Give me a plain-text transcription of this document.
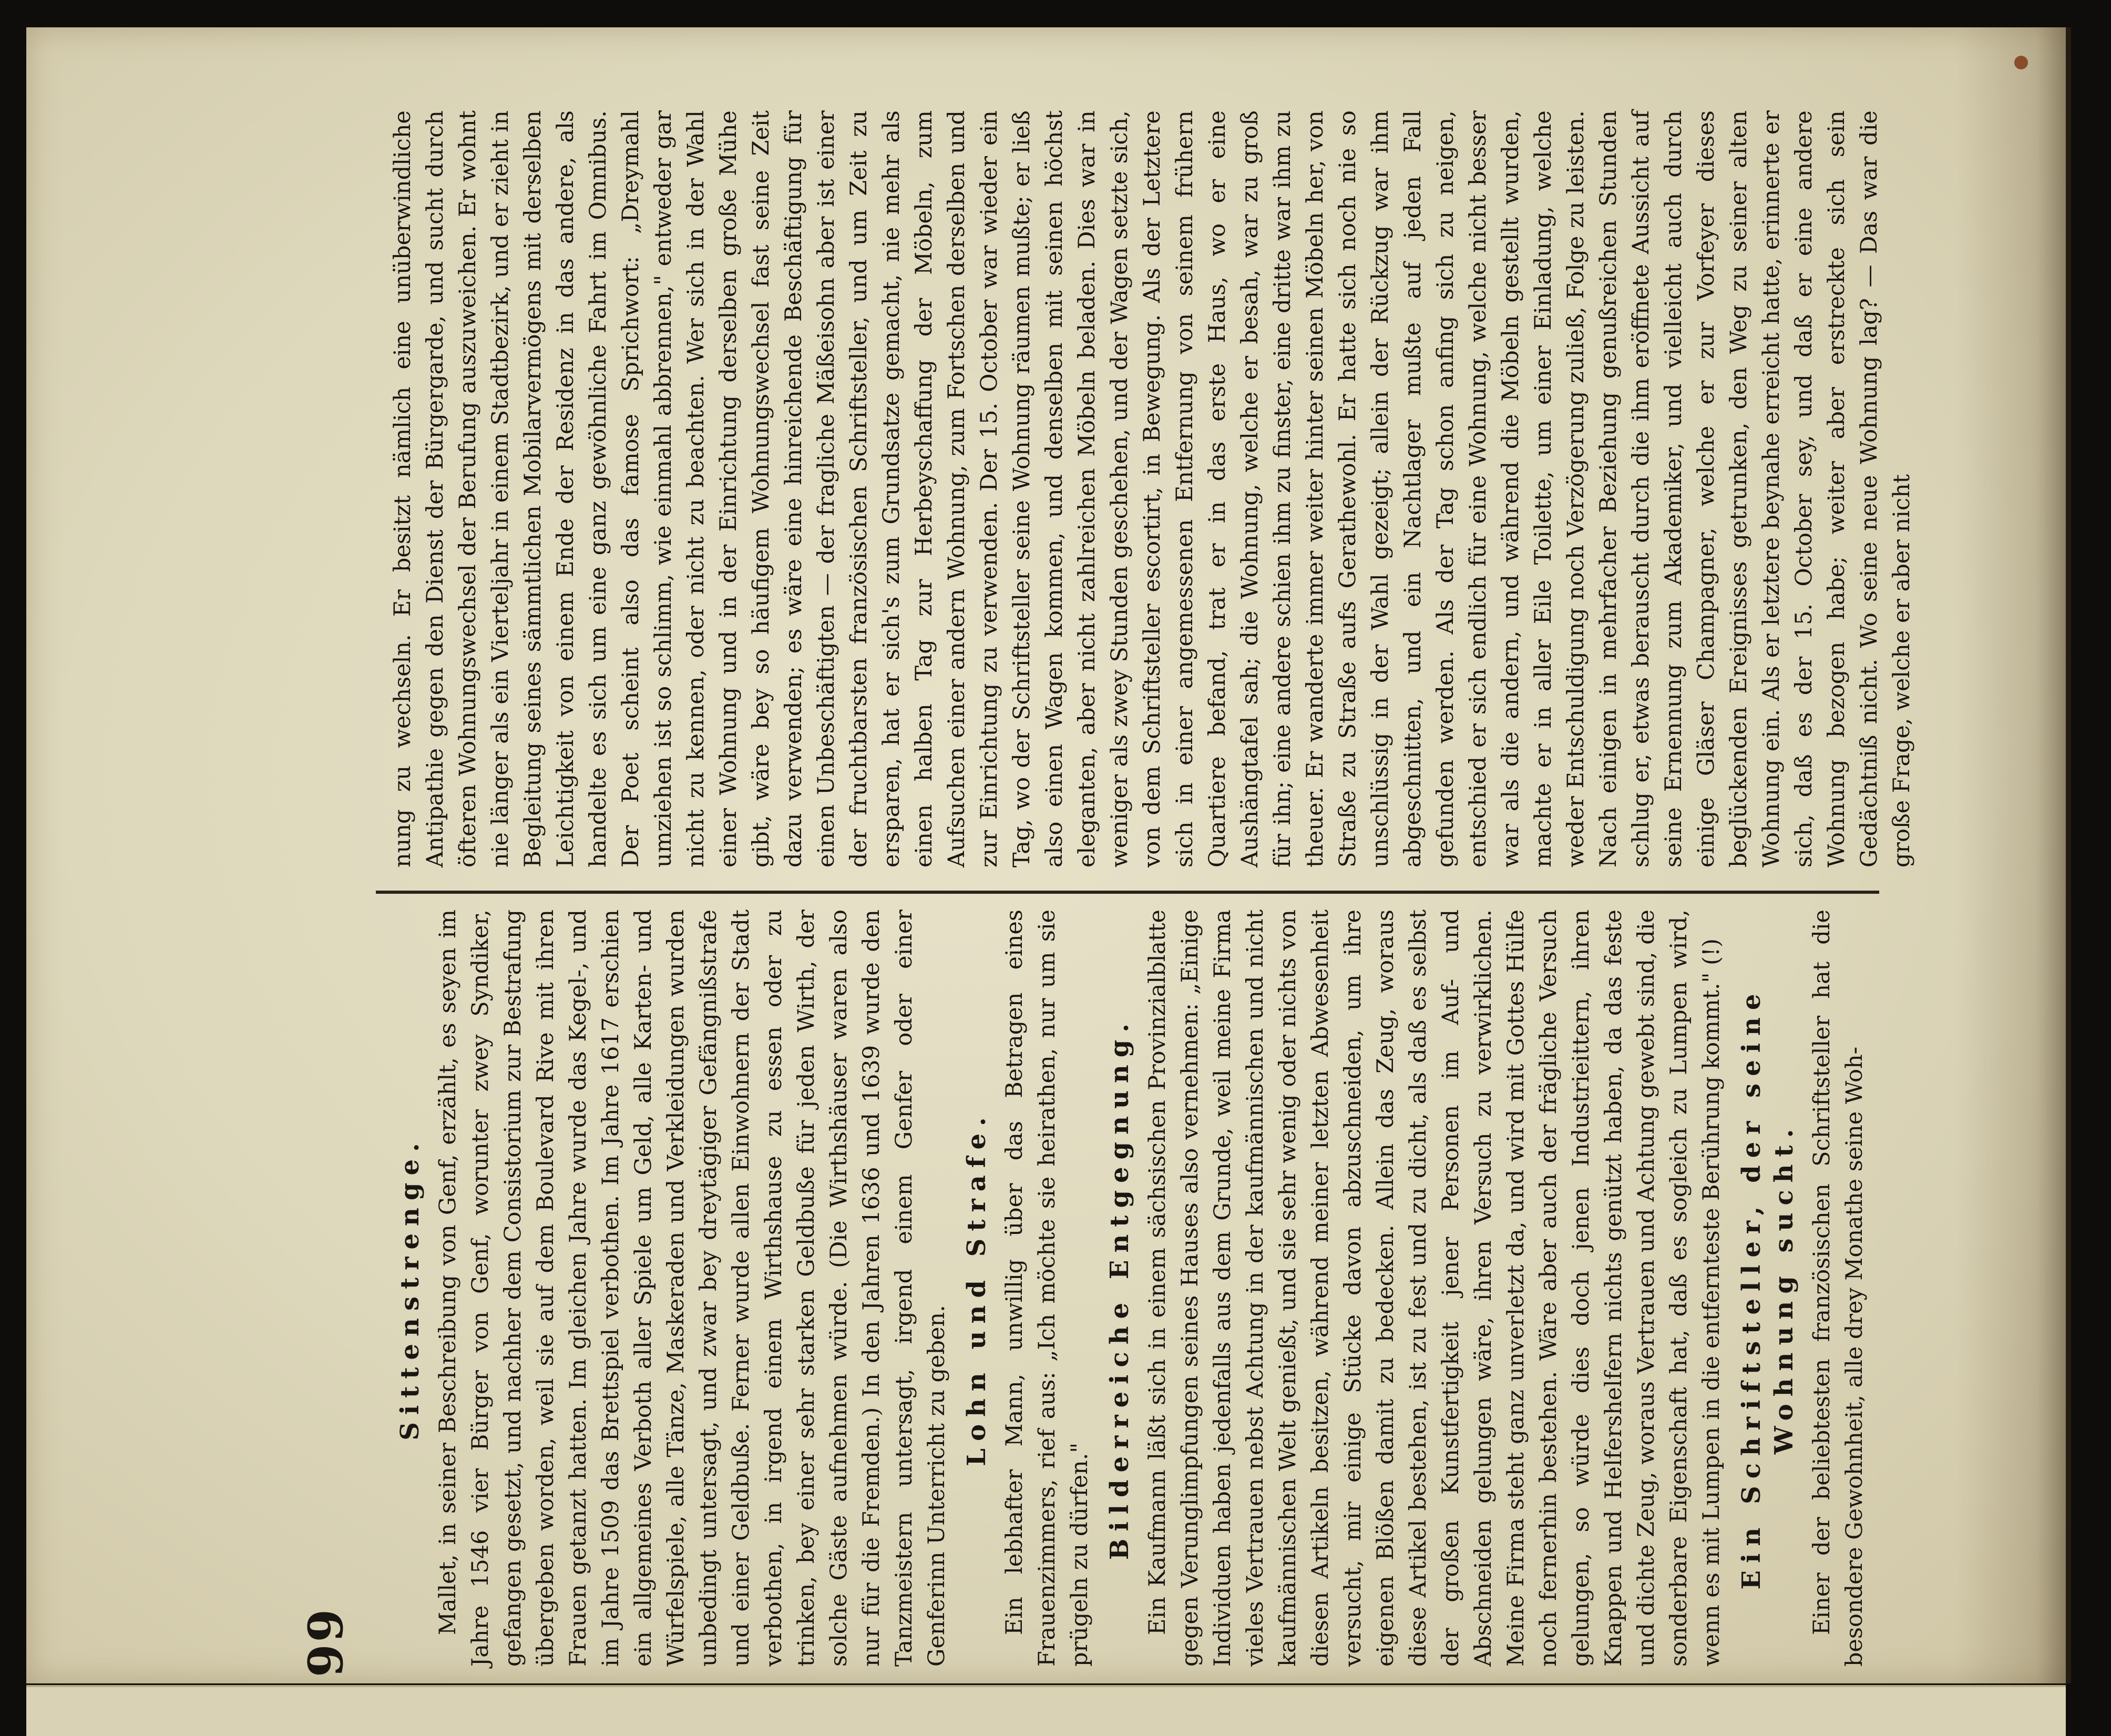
99
Sittenstrenge. Mallet, in seiner Beschreibung von Genf, erzählt, es seyen im Jahre 1546 vier Bürger von Genf, worunter zwey Syndiker, gefangen gesetzt, und nachher dem Consistorium zur Bestrafung übergeben worden, weil sie auf dem Boulevard Rive mit ihren Frauen getanzt hatten. Im gleichen Jahre wurde das Kegel-, und im Jahre 1509 das Brettspiel verbothen. Im Jahre 1617 erschien ein allgemeines Verboth aller Spiele um Geld, alle Karten- und Würfelspiele, alle Tänze, Maskeraden und Verkleidungen wurden unbedingt untersagt, und zwar bey dreytägiger Gefängnißstrafe und einer Geldbuße. Ferner wurde allen Einwohnern der Stadt verbothen, in irgend einem Wirthshause zu essen oder zu trinken, bey einer sehr starken Geldbuße für jeden Wirth, der solche Gäste aufnehmen würde. (Die Wirthshäuser waren also nur für die Fremden.) In den Jahren 1636 und 1639 wurde den Tanzmeistern untersagt, irgend einem Genfer oder einer Genferinn Unterricht zu geben.
Lohn und Strafe. Ein lebhafter Mann, unwillig über das Betragen eines Frauenzimmers, rief aus: „Ich möchte sie heirathen, nur um sie prügeln zu dürfen." Bilderreiche Entgegnung. Ein Kaufmann läßt sich in einem sächsischen Provinzialblatte gegen Verunglimpfungen seines Hauses also vernehmen: „Einige Individuen haben jedenfalls aus dem Grunde, weil meine Firma vieles Vertrauen nebst Achtung in der kaufmännischen und nicht kaufmännischen Welt genießt, und sie sehr wenig oder nichts von diesen Artikeln besitzen, während meiner letzten Abwesenheit versucht, mir einige Stücke davon abzuschneiden, um ihre eigenen Blößen damit zu bedecken. Allein das Zeug, woraus diese Artikel bestehen, ist zu fest und zu dicht, als daß es selbst der großen Kunstfertigkeit jener Personen im Auf- und Abschneiden gelungen wäre, ihren Versuch zu verwirklichen. Meine Firma steht ganz unverletzt da, und wird mit Gottes Hülfe noch fernerhin bestehen. Wäre aber auch der frägliche Versuch gelungen, so würde dies doch jenen Industrieittern, ihren Knappen und Helfershelfern nichts genützt haben, da das feste und dichte Zeug, woraus Vertrauen und Achtung gewebt sind, die sonderbare Eigenschaft hat, daß es sogleich zu Lumpen wird, wenn es mit Lumpen in die entfernteste Berührung kommt." (!) Ein Schriftsteller, der seine Wohnung sucht. Einer der beliebtesten französischen Schriftsteller hat die besondere Gewohnheit, alle drey Monathe seine Woh-
nung zu wechseln. Er besitzt nämlich eine unüberwindliche Antipathie gegen den Dienst der Bürgergarde, und sucht durch öfteren Wohnungswechsel der Berufung auszuweichen. Er wohnt nie länger als ein Vierteljahr in einem Stadtbezirk, und er zieht in Begleitung seines sämmtlichen Mobilarvermögens mit derselben Leichtigkeit von einem Ende der Residenz in das andere, als handelte es sich um eine ganz gewöhnliche Fahrt im Omnibus. Der Poet scheint also das famose Sprichwort: „Dreymahl umziehen ist so schlimm, wie einmahl abbrennen," entweder gar nicht zu kennen, oder nicht zu beachten. Wer sich in der Wahl einer Wohnung und in der Einrichtung derselben große Mühe gibt, wäre bey so häufigem Wohnungswechsel fast seine Zeit dazu verwenden; es wäre eine hinreichende Beschäftigung für einen Unbeschäftigten — der fragliche Mäßeisohn aber ist einer der fruchtbarsten französischen Schriftsteller, und um Zeit zu ersparen, hat er sich's zum Grundsatze gemacht, nie mehr als einen halben Tag zur Herbeyschaffung der Möbeln, zum Aufsuchen einer andern Wohnung, zum Fortschen derselben und zur Einrichtung zu verwenden. Der 15. October war wieder ein Tag, wo der Schriftsteller seine Wohnung räumen mußte; er ließ also einen Wagen kommen, und denselben mit seinen höchst eleganten, aber nicht zahlreichen Möbeln beladen. Dies war in weniger als zwey Stunden geschehen, und der Wagen setzte sich, von dem Schriftsteller escortirt, in Bewegung. Als der Letztere sich in einer angemessenen Entfernung von seinem frühern Quartiere befand, trat er in das erste Haus, wo er eine Aushängtafel sah; die Wohnung, welche er besah, war zu groß für ihn; eine andere schien ihm zu finster, eine dritte war ihm zu theuer. Er wanderte immer weiter hinter seinen Möbeln her, von Straße zu Straße aufs Gerathewohl. Er hatte sich noch nie so unschlüssig in der Wahl gezeigt; allein der Rückzug war ihm abgeschnitten, und ein Nachtlager mußte auf jeden Fall gefunden werden. Als der Tag schon anfing sich zu neigen, entschied er sich endlich für eine Wohnung, welche nicht besser war als die andern, und während die Möbeln gestellt wurden, machte er in aller Eile Toilette, um einer Einladung, welche weder Entschuldigung noch Verzögerung zuließ, Folge zu leisten. Nach einigen in mehrfacher Beziehung genußreichen Stunden schlug er, etwas berauscht durch die ihm eröffnete Aussicht auf seine Ernennung zum Akademiker, und vielleicht auch durch einige Gläser Champagner, welche er zur Vorfeyer dieses beglückenden Ereignisses getrunken, den Weg zu seiner alten Wohnung ein. Als er letztere beynahe erreicht hatte, erinnerte er sich, daß es der 15. October sey, und daß er eine andere Wohnung bezogen habe; weiter aber erstreckte sich sein Gedächtniß nicht. Wo seine neue Wohnung lag? — Das war die große Frage, welche er aber nicht
